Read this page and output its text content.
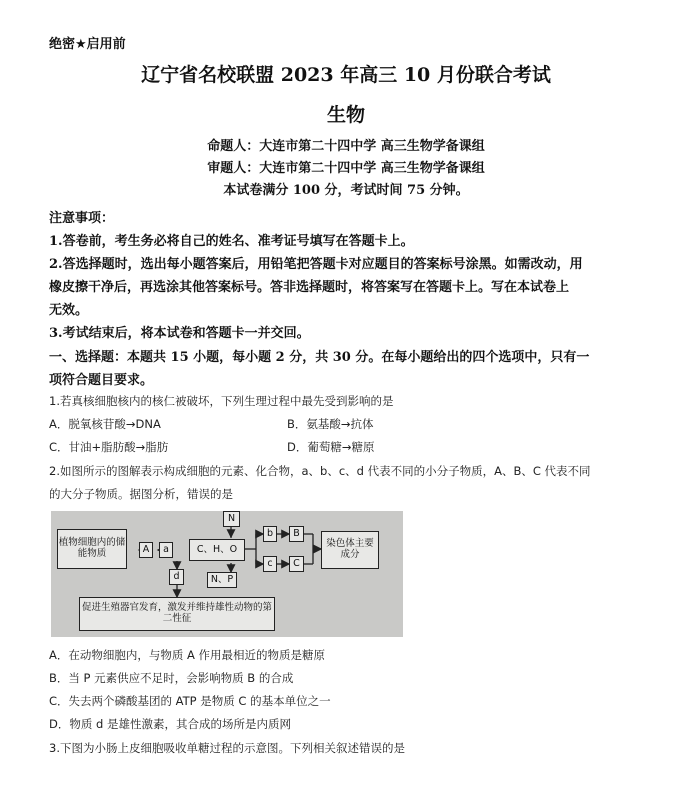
绝密★启用前
辽宁省名校联盟 2023 年高三 10 月份联合考试
生物
命题人：大连市第二十四中学 高三生物学备课组
审题人：大连市第二十四中学 高三生物学备课组
本试卷满分 100 分，考试时间 75 分钟。
注意事项：
1.答卷前，考生务必将自己的姓名、准考证号填写在答题卡上。
2.答选择题时，选出每小题答案后，用铅笔把答题卡对应题目的答案标号涂黑。如需改动，用
橡皮擦干净后，再选涂其他答案标号。答非选择题时，将答案写在答题卡上。写在本试卷上
无效。
3.考试结束后，将本试卷和答题卡一并交回。
一、选择题：本题共 15 小题，每小题 2 分，共 30 分。在每小题给出的四个选项中，只有一
项符合题目要求。
1.若真核细胞核内的核仁被破坏，下列生理过程中最先受到影响的是
A．脱氧核苷酸→DNA	B．氨基酸→抗体
C．甘油+脂肪酸→脂肪	D．葡萄糖→糖原
2.如图所示的图解表示构成细胞的元素、化合物，a、b、c、d 代表不同的小分子物质，A、B、C 代表不同
的大分子物质。据图分析，错误的是
植物细胞内的储能物质	A	a	C、H、O
N
N、P
b	B
c	C
染色体主要成分
d
促进生殖器官发育，激发并维持雄性动物的第二性征
A．在动物细胞内，与物质 A 作用最相近的物质是糖原
B．当 P 元素供应不足时，会影响物质 B 的合成
C．失去两个磷酸基团的 ATP 是物质 C 的基本单位之一
D．物质 d 是雄性激素，其合成的场所是内质网
3.下图为小肠上皮细胞吸收单糖过程的示意图。下列相关叙述错误的是
